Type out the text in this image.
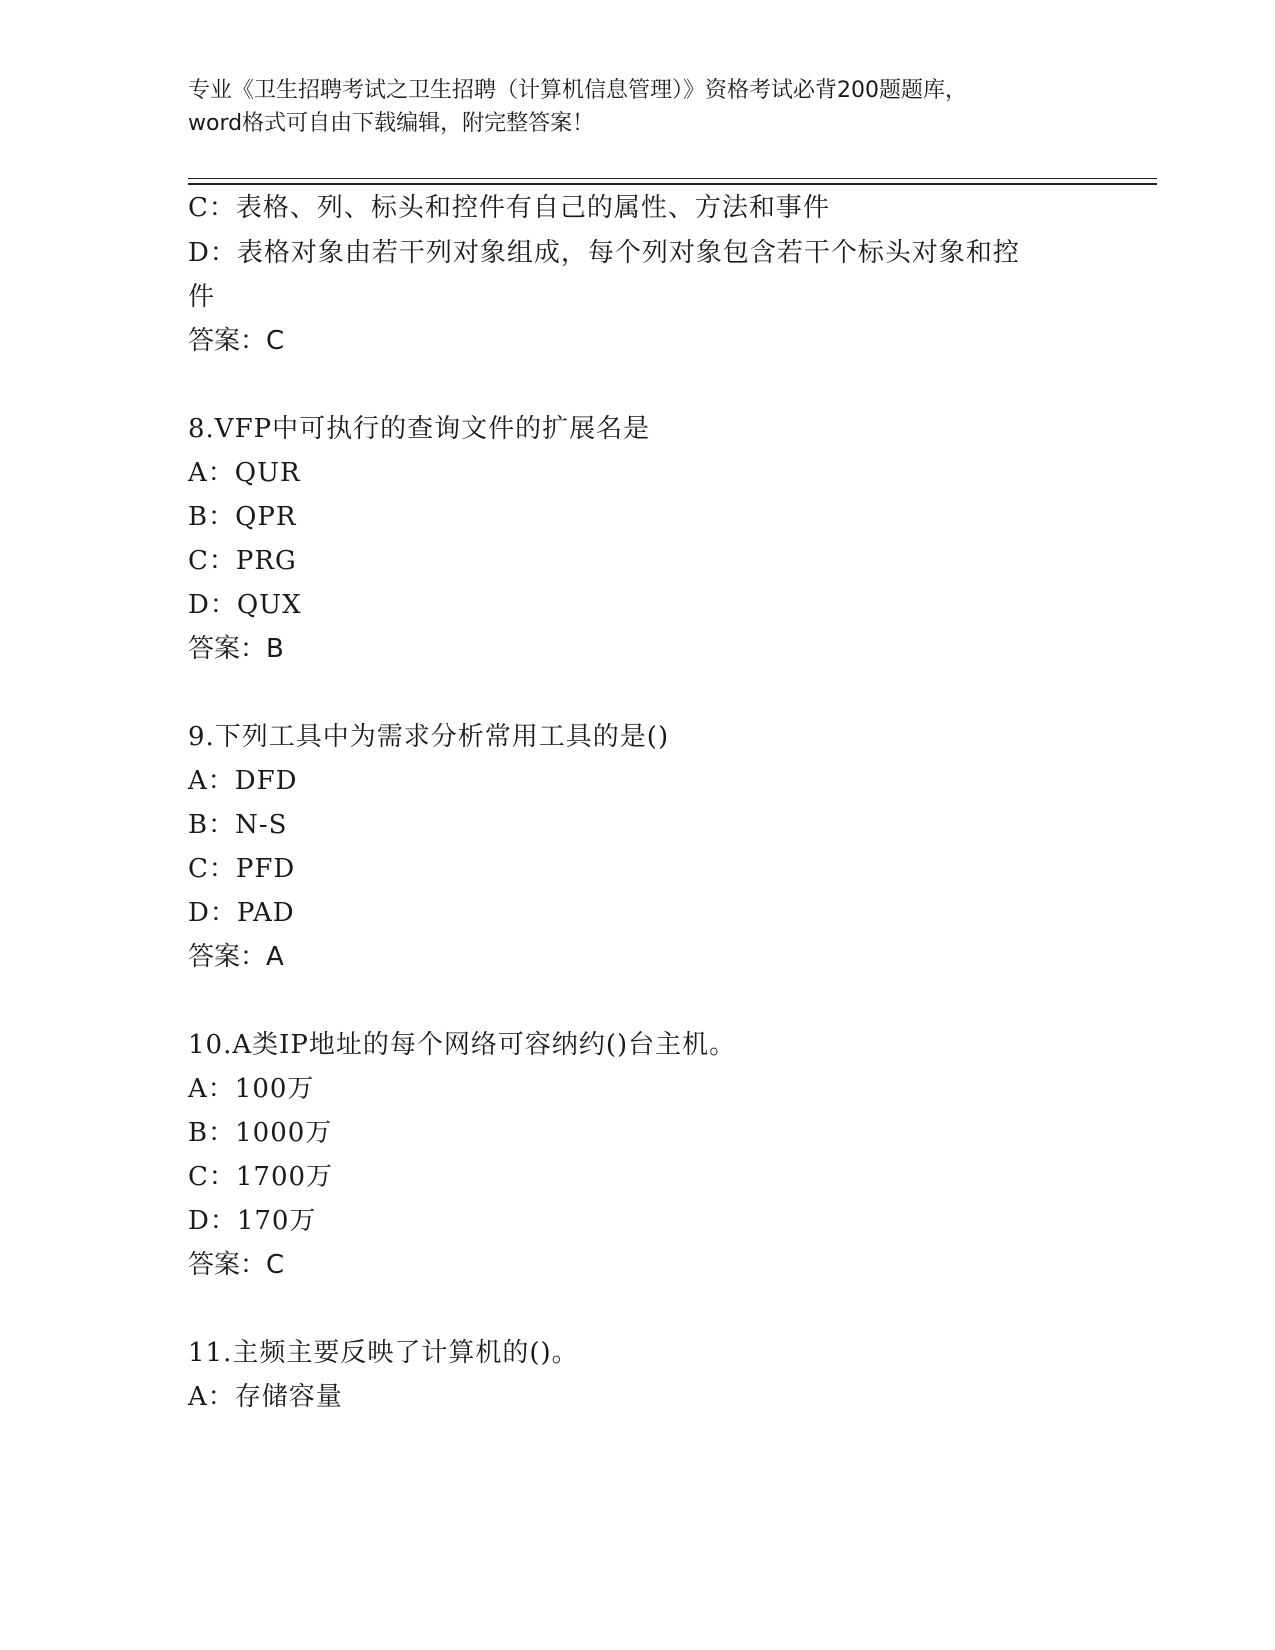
专业《卫生招聘考试之卫生招聘（计算机信息管理）》资格考试必背200题题库，
word格式可自由下载编辑，附完整答案！
C：表格、列、标头和控件有自己的属性、方法和事件
D：表格对象由若干列对象组成，每个列对象包含若干个标头对象和控
件
答案：C
8.VFP中可执行的查询文件的扩展名是
A：QUR
B：QPR
C：PRG
D：QUX
答案：B
9.下列工具中为需求分析常用工具的是()
A：DFD
B：N-S
C：PFD
D：PAD
答案：A
10.A类IP地址的每个网络可容纳约()台主机。
A：100万
B：1000万
C：1700万
D：170万
答案：C
11.主频主要反映了计算机的()。
A：存储容量
